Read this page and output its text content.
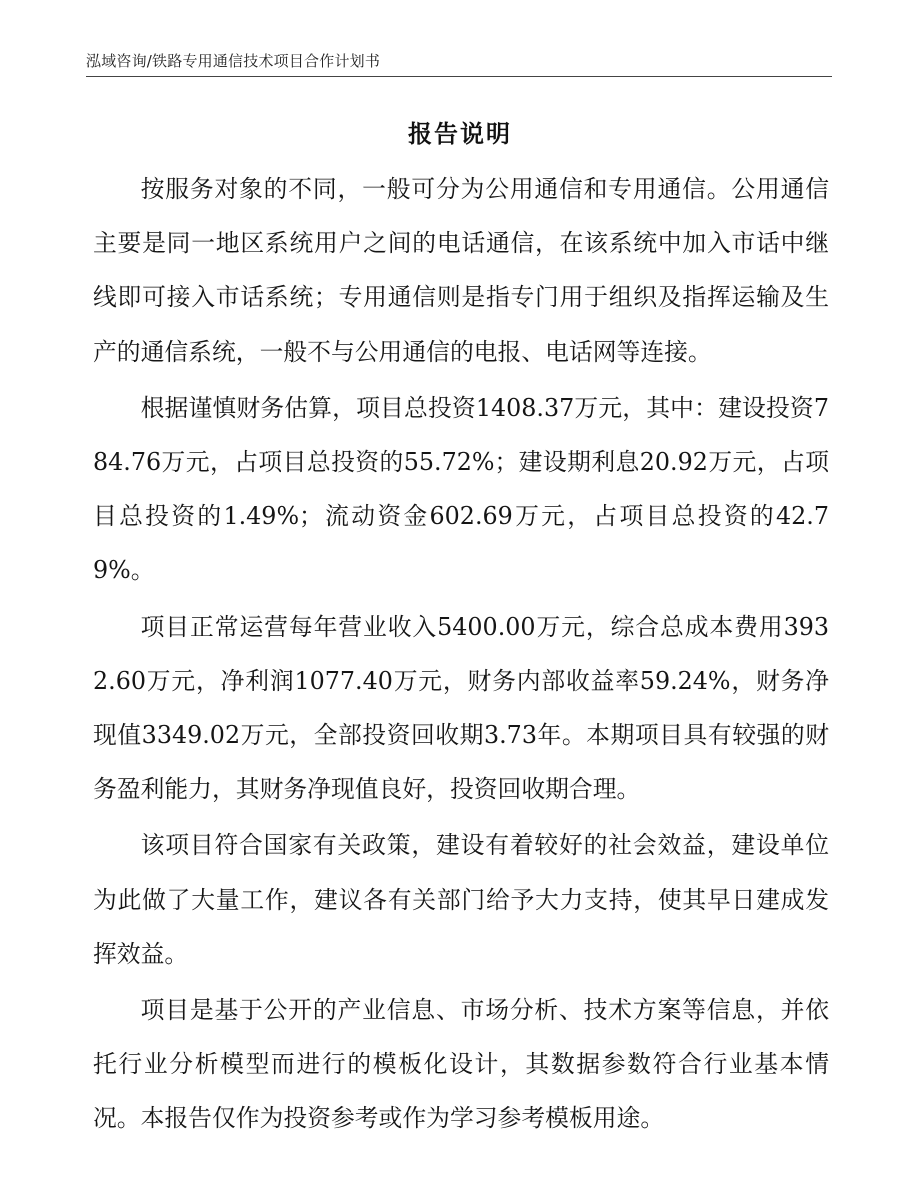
泓域咨询/铁路专用通信技术项目合作计划书
报告说明

按服务对象的不同，一般可分为公用通信和专用通信。公用通信主要是同一地区系统用户之间的电话通信，在该系统中加入市话中继线即可接入市话系统；专用通信则是指专门用于组织及指挥运输及生产的通信系统，一般不与公用通信的电报、电话网等连接。

根据谨慎财务估算，项目总投资1408.37万元，其中：建设投资784.76万元，占项目总投资的55.72%；建设期利息20.92万元，占项目总投资的1.49%；流动资金602.69万元，占项目总投资的42.79%。

项目正常运营每年营业收入5400.00万元，综合总成本费用3932.60万元，净利润1077.40万元，财务内部收益率59.24%，财务净现值3349.02万元，全部投资回收期3.73年。本期项目具有较强的财务盈利能力，其财务净现值良好，投资回收期合理。

该项目符合国家有关政策，建设有着较好的社会效益，建设单位为此做了大量工作，建议各有关部门给予大力支持，使其早日建成发挥效益。

项目是基于公开的产业信息、市场分析、技术方案等信息，并依托行业分析模型而进行的模板化设计，其数据参数符合行业基本情况。本报告仅作为投资参考或作为学习参考模板用途。
